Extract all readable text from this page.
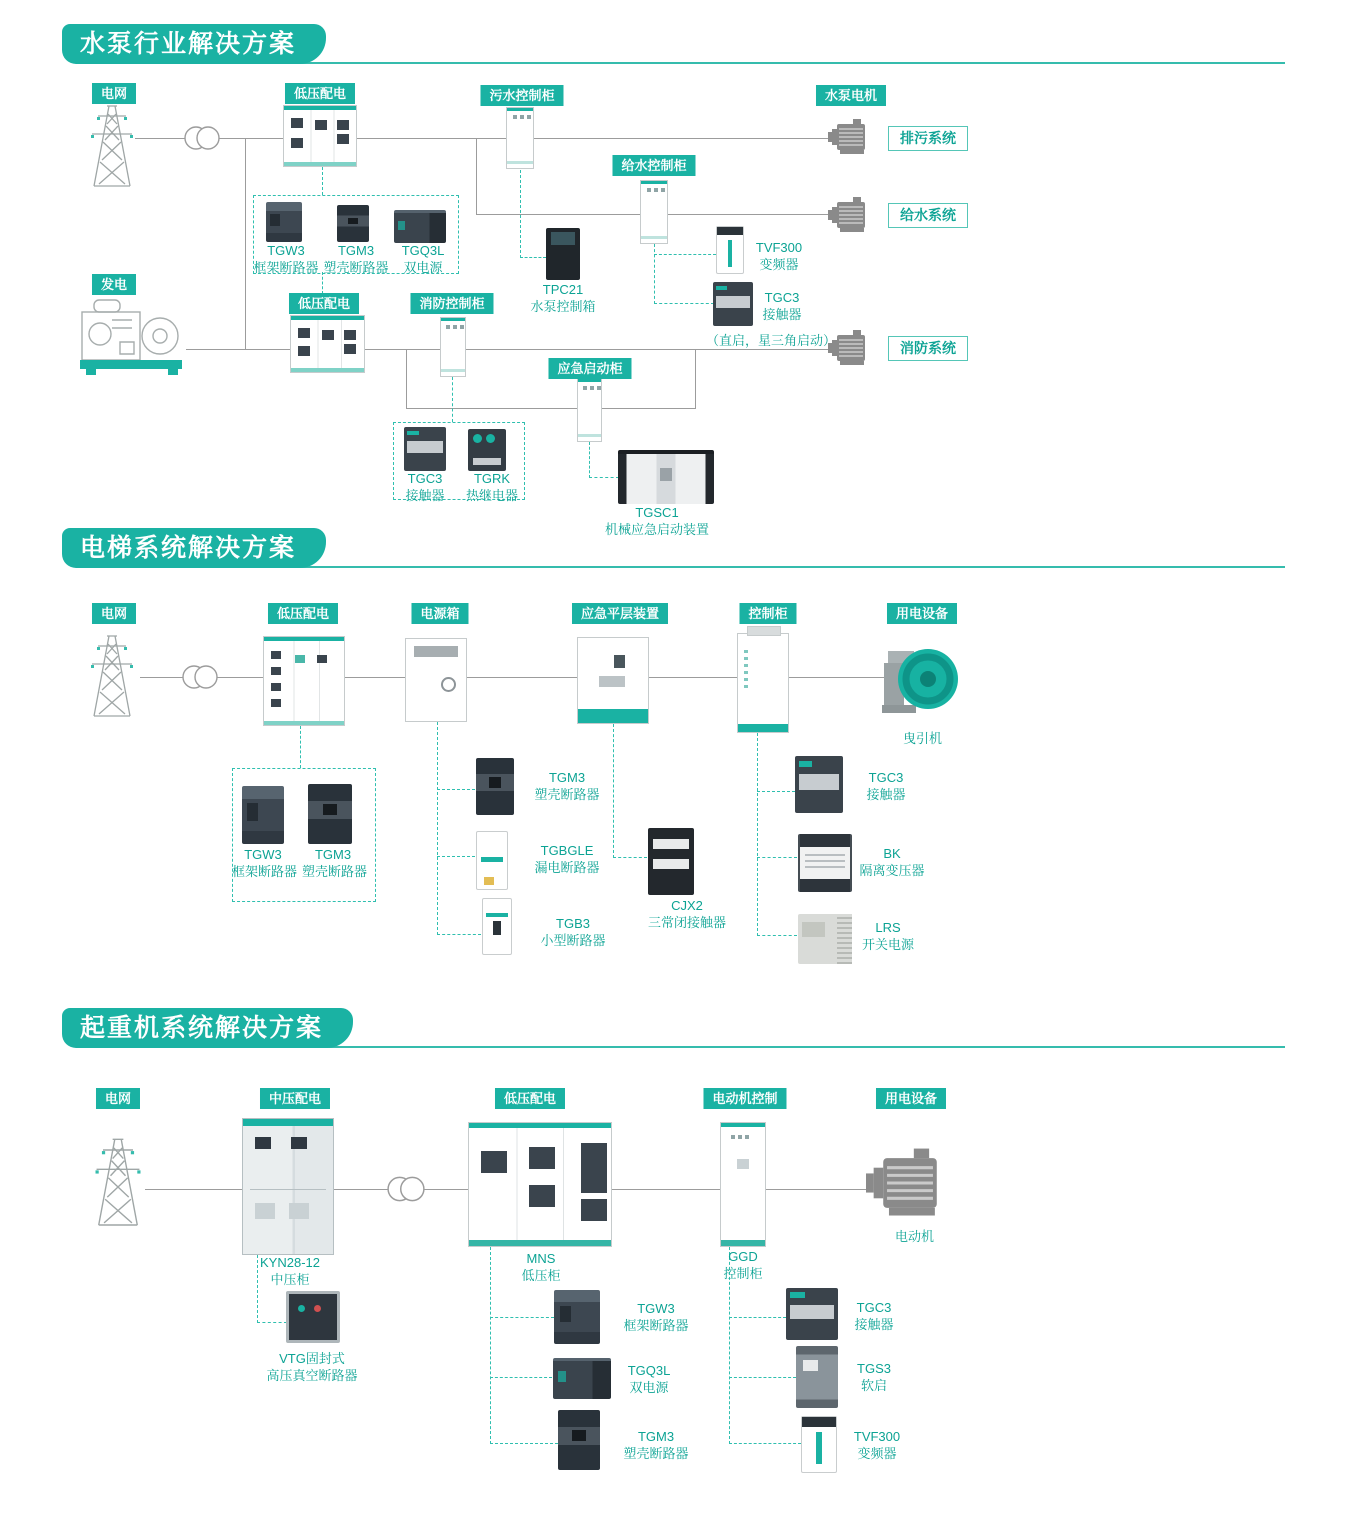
水泵行业解决方案
电网	低压配电	污水控制柜	水泵电机
给水控制柜
发电
低压配电	消防控制柜
应急启动柜
排污系统
给水系统
消防系统
TGW3
框架断路器
TGM3
塑壳断路器
TGQ3L
双电源
TPC21
水泵控制箱
TVF300
变频器
TGC3
接触器
（直启，星三角启动）
TGC3
接触器
TGRK
热继电器
TGSC1
机械应急启动装置
电梯系统解决方案
电网	低压配电	电源箱	应急平层装置	控制柜	用电设备
曳引机
TGW3
框架断路器
TGM3
塑壳断路器
TGM3
塑壳断路器
TGBGLE
漏电断路器
TGB3
小型断路器
CJX2
三常闭接触器
TGC3
接触器
BK
隔离变压器
LRS
开关电源
起重机系统解决方案
电网	中压配电	低压配电	电动机控制	用电设备
电动机
KYN28-12
中压柜
MNS
低压柜
GGD
控制柜
VTG固封式
高压真空断路器
TGW3
框架断路器
TGQ3L
双电源
TGM3
塑壳断路器
TGC3
接触器
TGS3
软启
TVF300
变频器
